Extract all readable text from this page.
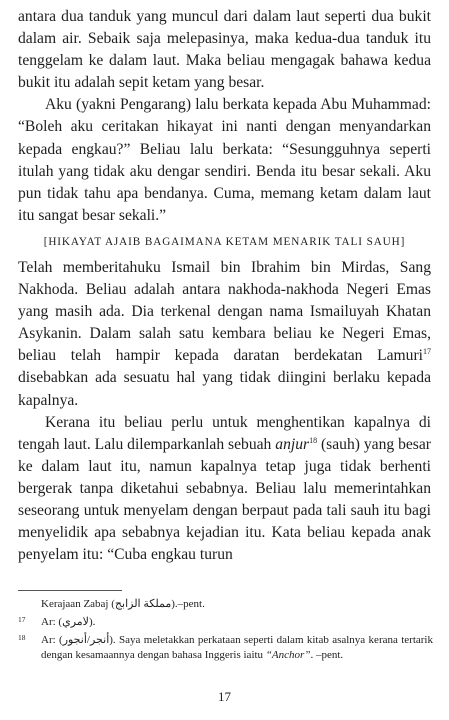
antara dua tanduk yang muncul dari dalam laut seperti dua bukit dalam air. Sebaik saja melepasinya, maka kedua-dua tanduk itu tenggelam ke dalam laut. Maka beliau mengagak bahawa kedua bukit itu adalah sepit ketam yang besar.

Aku (yakni Pengarang) lalu berkata kepada Abu Muhammad: “Boleh aku ceritakan hikayat ini nanti dengan menyandarkan kepada engkau?” Beliau lalu berkata: “Sesungguhnya seperti itulah yang tidak aku dengar sendiri. Benda itu besar sekali. Aku pun tidak tahu apa bendanya. Cuma, memang ketam dalam laut itu sangat besar sekali.”

[HIKAYAT AJAIB BAGAIMANA KETAM MENARIK TALI SAUH]

Telah memberitahuku Ismail bin Ibrahim bin Mirdas, Sang Nakhoda. Beliau adalah antara nakhoda-nakhoda Negeri Emas yang masih ada. Dia terkenal dengan nama Ismailuyah Khatan Asykanin. Dalam salah satu kembara beliau ke Negeri Emas, beliau telah hampir kepada daratan berdekatan Lamuri$^{17}$ disebabkan ada sesuatu hal yang tidak diingini berlaku kepada kapalnya.

Kerana itu beliau perlu untuk menghentikan kapalnya di tengah laut. Lalu dilemparkanlah sebuah anjur$^{18}$ (sauh) yang besar ke dalam laut itu, namun kapalnya tetap juga tidak berhenti bergerak tanpa diketahui sebabnya. Beliau lalu memerintahkan seseorang untuk menyelam dengan berpaut pada tali sauh itu bagi menyelidik apa sebabnya kejadian itu. Kata beliau kepada anak penyelam itu: “Cuba engkau turun

Kerajaan Zabaj (مملكة الزابج).–pent.
17 Ar: (لامري).
18 Ar: (أنجر/أنجور). Saya meletakkan perkataan seperti dalam kitab asalnya kerana tertarik dengan kesamaannya dengan bahasa Inggeris iaitu “Anchor”. –pent.
17
